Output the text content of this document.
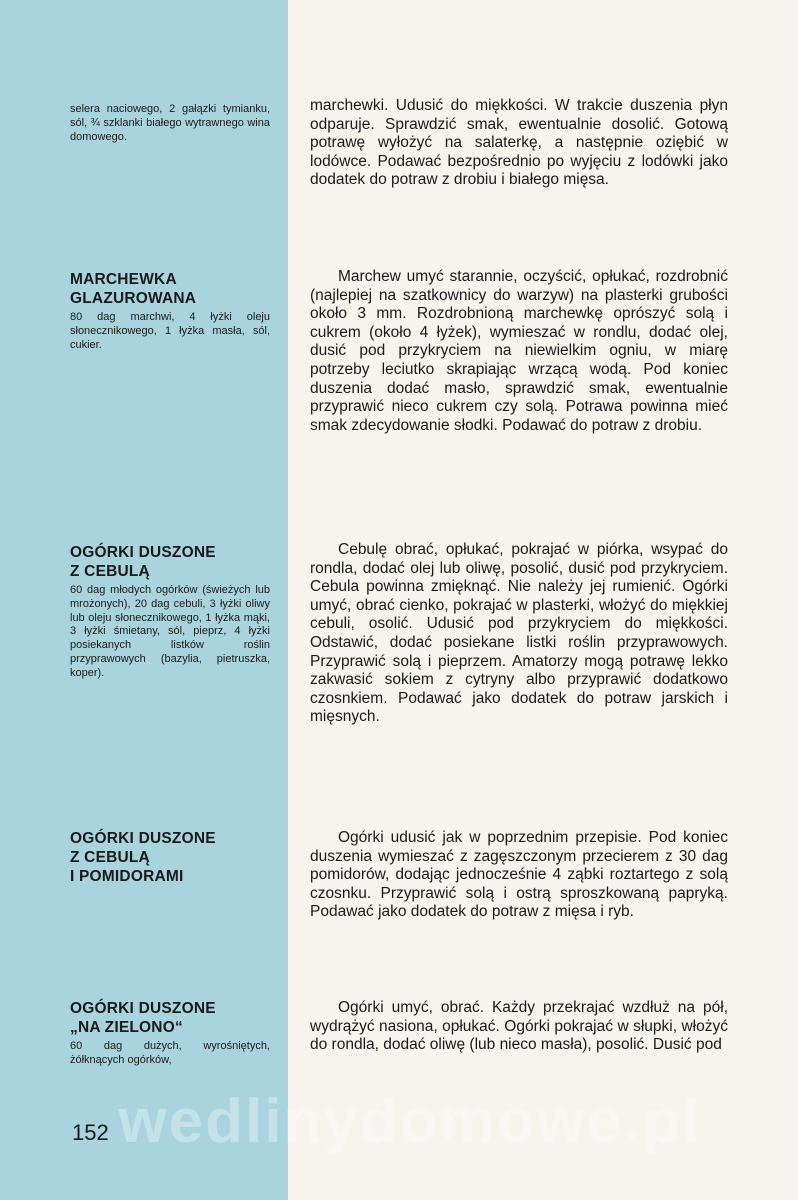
selera naciowego, 2 gałązki tymianku, sól, ¾ szklanki białego wytrawnego wina domowego.

MARCHEWKA
GLAZUROWANA

80 dag marchwi, 4 łyżki oleju słonecznikowego, 1 łyżka masła, sól, cukier.

OGÓRKI DUSZONE
Z CEBULĄ

60 dag młodych ogórków (świeżych lub mrożonych), 20 dag cebuli, 3 łyżki oliwy lub oleju słonecznikowego, 1 łyżka mąki, 3 łyżki śmietany, sól, pieprz, 4 łyżki posiekanych listków roślin przyprawowych (bazylia, pietruszka, koper).

OGÓRKI DUSZONE
Z CEBULĄ
I POMIDORAMI
OGÓRKI DUSZONE
„NA ZIELONO“

60 dag dużych, wyrośniętych, żółknących ogórków,

152

marchewki. Udusić do miękkości. W trakcie duszenia płyn odparuje. Sprawdzić smak, ewentualnie dosolić. Gotową potrawę wyłożyć na salaterkę, a następnie oziębić w lodówce. Podawać bezpośrednio po wyjęciu z lodówki jako dodatek do potraw z drobiu i białego mięsa.

Marchew umyć starannie, oczyścić, opłukać, rozdrobnić (najlepiej na szatkownicy do warzyw) na plasterki grubości około 3 mm. Rozdrobnioną marchewkę oprószyć solą i cukrem (około 4 łyżek), wymieszać w rondlu, dodać olej, dusić pod przykryciem na niewielkim ogniu, w miarę potrzeby leciutko skrapiając wrzącą wodą. Pod koniec duszenia dodać masło, sprawdzić smak, ewentualnie przyprawić nieco cukrem czy solą. Potrawa powinna mieć smak zdecydowanie słodki. Podawać do potraw z drobiu.

Cebulę obrać, opłukać, pokrajać w piórka, wsypać do rondla, dodać olej lub oliwę, posolić, dusić pod przykryciem. Cebula powinna zmięknąć. Nie należy jej rumienić. Ogórki umyć, obrać cienko, pokrajać w plasterki, włożyć do miękkiej cebuli, osolić. Udusić pod przykryciem do miękkości. Odstawić, dodać posiekane listki roślin przyprawowych. Przyprawić solą i pieprzem. Amatorzy mogą potrawę lekko zakwasić sokiem z cytryny albo przyprawić dodatkowo czosnkiem. Podawać jako dodatek do potraw jarskich i mięsnych.

Ogórki udusić jak w poprzednim przepisie. Pod koniec duszenia wymieszać z zagęszczonym przecierem z 30 dag pomidorów, dodając jednocześnie 4 ząbki roztartego z solą czosnku. Przyprawić solą i ostrą sproszkowaną papryką. Podawać jako dodatek do potraw z mięsa i ryb.

Ogórki umyć, obrać. Każdy przekrajać wzdłuż na pół, wydrążyć nasiona, opłukać. Ogórki pokrajać w słupki, włożyć do rondla, dodać oliwę (lub nieco masła), posolić. Dusić pod

wedlinydomowe.pl
